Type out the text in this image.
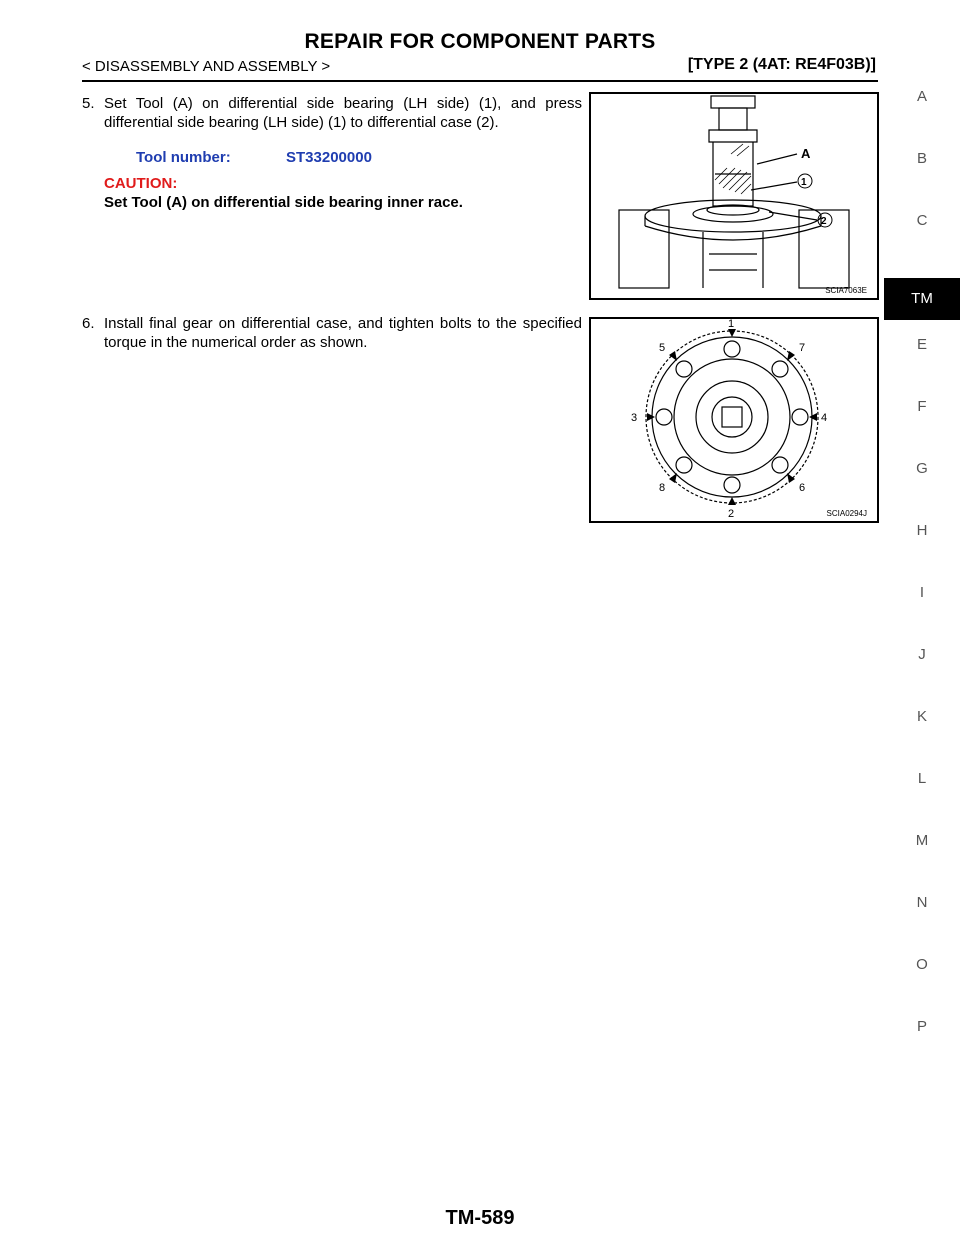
REPAIR FOR COMPONENT PARTS
< DISASSEMBLY AND ASSEMBLY >	[TYPE 2 (4AT: RE4F03B)]
5. Set Tool (A) on differential side bearing (LH side) (1), and press differential side bearing (LH side) (1) to differential case (2).
Tool number:	ST33200000
CAUTION:
Set Tool (A) on differential side bearing inner race.
A
1
2
SCIA7063E
6. Install final gear on differential case, and tighten bolts to the specified torque in the numerical order as shown.
1
2
3	4
5
6
7
8
SCIA0294J
A
B
C
TM
E
F
G
H
I
J
K
L
M
N
O
P
TM-589
